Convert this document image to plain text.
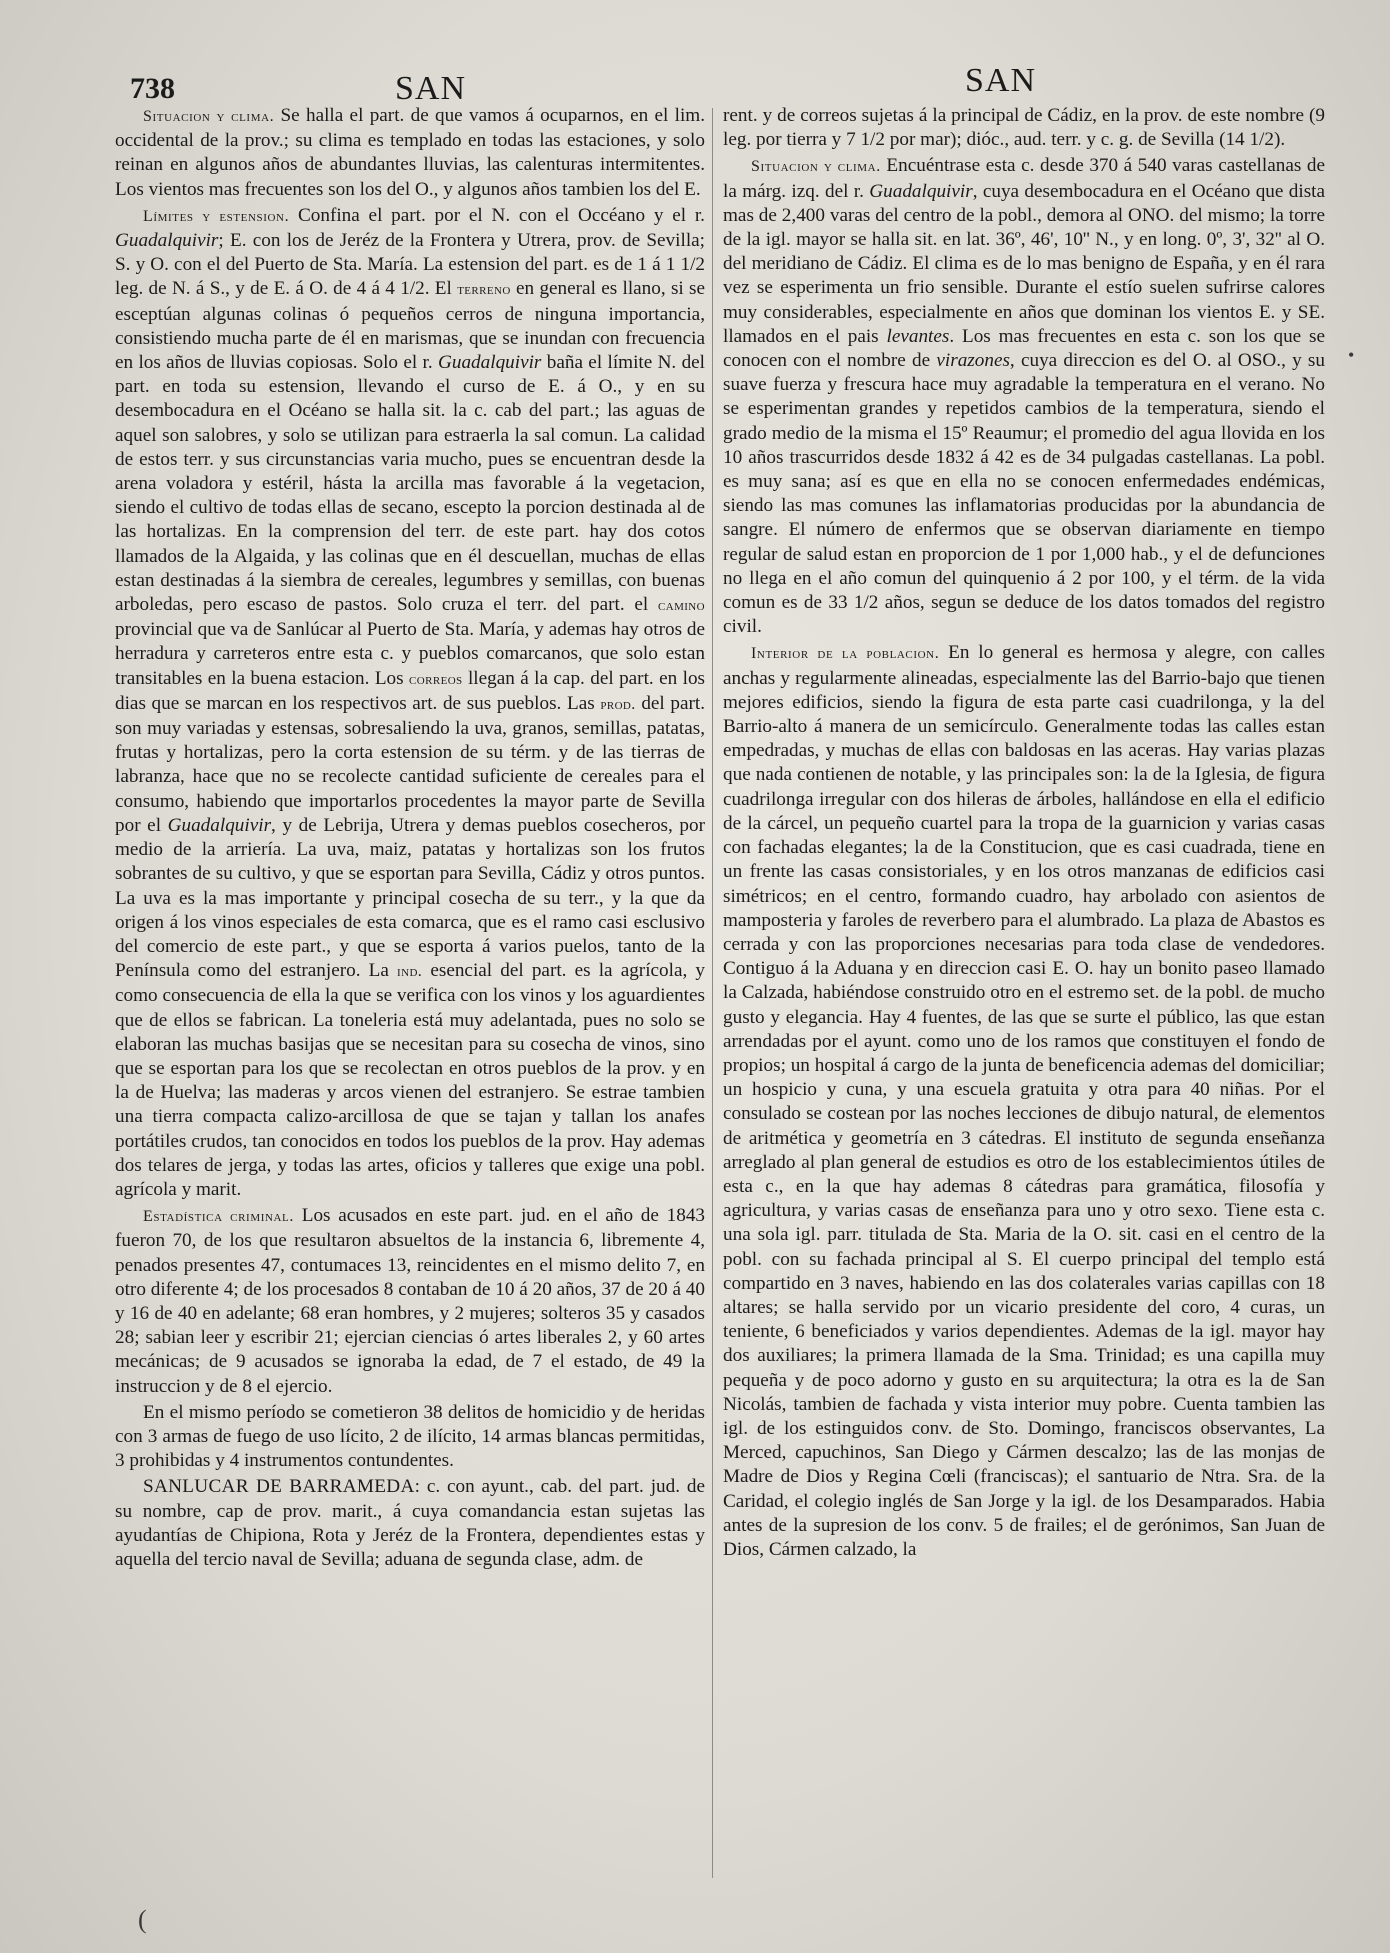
738	SAN	SAN

Situacion y clima. Se halla el part. de que vamos á ocuparnos, en el lim. occidental de la prov.; su clima es templado en todas las estaciones, y solo reinan en algunos años de abundantes lluvias, las calenturas intermitentes. Los vientos mas frecuentes son los del O., y algunos años tambien los del E.

Límites y estension. Confina el part. por el N. con el Occéano y el r. Guadalquivir; E. con los de Jeréz de la Frontera y Utrera, prov. de Sevilla; S. y O. con el del Puerto de Sta. María. La estension del part. es de 1 á 1 1/2 leg. de N. á S., y de E. á O. de 4 á 4 1/2. El terreno en general es llano, si se esceptúan algunas colinas ó pequeños cerros de ninguna importancia, consistiendo mucha parte de él en marismas, que se inundan con frecuencia en los años de lluvias copiosas. Solo el r. Guadalquivir baña el límite N. del part. en toda su estension, llevando el curso de E. á O., y en su desembocadura en el Océano se halla sit. la c. cab del part.; las aguas de aquel son salobres, y solo se utilizan para estraerla la sal comun. La calidad de estos terr. y sus circunstancias varia mucho, pues se encuentran desde la arena voladora y estéril, hásta la arcilla mas favorable á la vegetacion, siendo el cultivo de todas ellas de secano, escepto la porcion destinada al de las hortalizas. En la comprension del terr. de este part. hay dos cotos llamados de la Algaida, y las colinas que en él descuellan, muchas de ellas estan destinadas á la siembra de cereales, legumbres y semillas, con buenas arboledas, pero escaso de pastos. Solo cruza el terr. del part. el camino provincial que va de Sanlúcar al Puerto de Sta. María, y ademas hay otros de herradura y carreteros entre esta c. y pueblos comarcanos, que solo estan transitables en la buena estacion. Los correos llegan á la cap. del part. en los dias que se marcan en los respectivos art. de sus pueblos. Las prod. del part. son muy variadas y estensas, sobresaliendo la uva, granos, semillas, patatas, frutas y hortalizas, pero la corta estension de su térm. y de las tierras de labranza, hace que no se recolecte cantidad suficiente de cereales para el consumo, habiendo que importarlos procedentes la mayor parte de Sevilla por el Guadalquivir, y de Lebrija, Utrera y demas pueblos cosecheros, por medio de la arriería. La uva, maiz, patatas y hortalizas son los frutos sobrantes de su cultivo, y que se esportan para Sevilla, Cádiz y otros puntos. La uva es la mas importante y principal cosecha de su terr., y la que da origen á los vinos especiales de esta comarca, que es el ramo casi esclusivo del comercio de este part., y que se esporta á varios puelos, tanto de la Península como del estranjero. La ind. esencial del part. es la agrícola, y como consecuencia de ella la que se verifica con los vinos y los aguardientes que de ellos se fabrican. La toneleria está muy adelantada, pues no solo se elaboran las muchas basijas que se necesitan para su cosecha de vinos, sino que se esportan para los que se recolectan en otros pueblos de la prov. y en la de Huelva; las maderas y arcos vienen del estranjero. Se estrae tambien una tierra compacta calizo-arcillosa de que se tajan y tallan los anafes portátiles crudos, tan conocidos en todos los pueblos de la prov. Hay ademas dos telares de jerga, y todas las artes, oficios y talleres que exige una pobl. agrícola y marit.

Estadística criminal. Los acusados en este part. jud. en el año de 1843 fueron 70, de los que resultaron absueltos de la instancia 6, libremente 4, penados presentes 47, contumaces 13, reincidentes en el mismo delito 7, en otro diferente 4; de los procesados 8 contaban de 10 á 20 años, 37 de 20 á 40 y 16 de 40 en adelante; 68 eran hombres, y 2 mujeres; solteros 35 y casados 28; sabian leer y escribir 21; ejercian ciencias ó artes liberales 2, y 60 artes mecánicas; de 9 acusados se ignoraba la edad, de 7 el estado, de 49 la instruccion y de 8 el ejercio.

En el mismo período se cometieron 38 delitos de homicidio y de heridas con 3 armas de fuego de uso lícito, 2 de ilícito, 14 armas blancas permitidas, 3 prohibidas y 4 instrumentos contundentes.

SANLUCAR DE BARRAMEDA: c. con ayunt., cab. del part. jud. de su nombre, cap de prov. marit., á cuya comandancia estan sujetas las ayudantías de Chipiona, Rota y Jeréz de la Frontera, dependientes estas y aquella del tercio naval de Sevilla; aduana de segunda clase, adm. de

rent. y de correos sujetas á la principal de Cádiz, en la prov. de este nombre (9 leg. por tierra y 7 1/2 por mar); dióc., aud. terr. y c. g. de Sevilla (14 1/2).

Situacion y clima. Encuéntrase esta c. desde 370 á 540 varas castellanas de la márg. izq. del r. Guadalquivir, cuya desembocadura en el Océano que dista mas de 2,400 varas del centro de la pobl., demora al ONO. del mismo; la torre de la igl. mayor se halla sit. en lat. 36º, 46', 10'' N., y en long. 0º, 3', 32'' al O. del meridiano de Cádiz. El clima es de lo mas benigno de España, y en él rara vez se esperimenta un frio sensible. Durante el estío suelen sufrirse calores muy considerables, especialmente en años que dominan los vientos E. y SE. llamados en el pais levantes. Los mas frecuentes en esta c. son los que se conocen con el nombre de virazones, cuya direccion es del O. al OSO., y su suave fuerza y frescura hace muy agradable la temperatura en el verano. No se esperimentan grandes y repetidos cambios de la temperatura, siendo el grado medio de la misma el 15º Reaumur; el promedio del agua llovida en los 10 años trascurridos desde 1832 á 42 es de 34 pulgadas castellanas. La pobl. es muy sana; así es que en ella no se conocen enfermedades endémicas, siendo las mas comunes las inflamatorias producidas por la abundancia de sangre. El número de enfermos que se observan diariamente en tiempo regular de salud estan en proporcion de 1 por 1,000 hab., y el de defunciones no llega en el año comun del quinquenio á 2 por 100, y el térm. de la vida comun es de 33 1/2 años, segun se deduce de los datos tomados del registro civil.

Interior de la poblacion. En lo general es hermosa y alegre, con calles anchas y regularmente alineadas, especialmente las del Barrio-bajo que tienen mejores edificios, siendo la figura de esta parte casi cuadrilonga, y la del Barrio-alto á manera de un semicírculo. Generalmente todas las calles estan empedradas, y muchas de ellas con baldosas en las aceras. Hay varias plazas que nada contienen de notable, y las principales son: la de la Iglesia, de figura cuadrilonga irregular con dos hileras de árboles, hallándose en ella el edificio de la cárcel, un pequeño cuartel para la tropa de la guarnicion y varias casas con fachadas elegantes; la de la Constitucion, que es casi cuadrada, tiene en un frente las casas consistoriales, y en los otros manzanas de edificios casi simétricos; en el centro, formando cuadro, hay arbolado con asientos de mamposteria y faroles de reverbero para el alumbrado. La plaza de Abastos es cerrada y con las proporciones necesarias para toda clase de vendedores. Contiguo á la Aduana y en direccion casi E. O. hay un bonito paseo llamado la Calzada, habiéndose construido otro en el estremo set. de la pobl. de mucho gusto y elegancia. Hay 4 fuentes, de las que se surte el público, las que estan arrendadas por el ayunt. como uno de los ramos que constituyen el fondo de propios; un hospital á cargo de la junta de beneficencia ademas del domiciliar; un hospicio y cuna, y una escuela gratuita y otra para 40 niñas. Por el consulado se costean por las noches lecciones de dibujo natural, de elementos de aritmética y geometría en 3 cátedras. El instituto de segunda enseñanza arreglado al plan general de estudios es otro de los establecimientos útiles de esta c., en la que hay ademas 8 cátedras para gramática, filosofía y agricultura, y varias casas de enseñanza para uno y otro sexo. Tiene esta c. una sola igl. parr. titulada de Sta. Maria de la O. sit. casi en el centro de la pobl. con su fachada principal al S. El cuerpo principal del templo está compartido en 3 naves, habiendo en las dos colaterales varias capillas con 18 altares; se halla servido por un vicario presidente del coro, 4 curas, un teniente, 6 beneficiados y varios dependientes. Ademas de la igl. mayor hay dos auxiliares; la primera llamada de la Sma. Trinidad; es una capilla muy pequeña y de poco adorno y gusto en su arquitectura; la otra es la de San Nicolás, tambien de fachada y vista interior muy pobre. Cuenta tambien las igl. de los estinguidos conv. de Sto. Domingo, franciscos observantes, La Merced, capuchinos, San Diego y Cármen descalzo; las de las monjas de Madre de Dios y Regina Cœli (franciscas); el santuario de Ntra. Sra. de la Caridad, el colegio inglés de San Jorge y la igl. de los Desamparados. Habia antes de la supresion de los conv. 5 de frailes; el de gerónimos, San Juan de Dios, Cármen calzado, la

(
•
